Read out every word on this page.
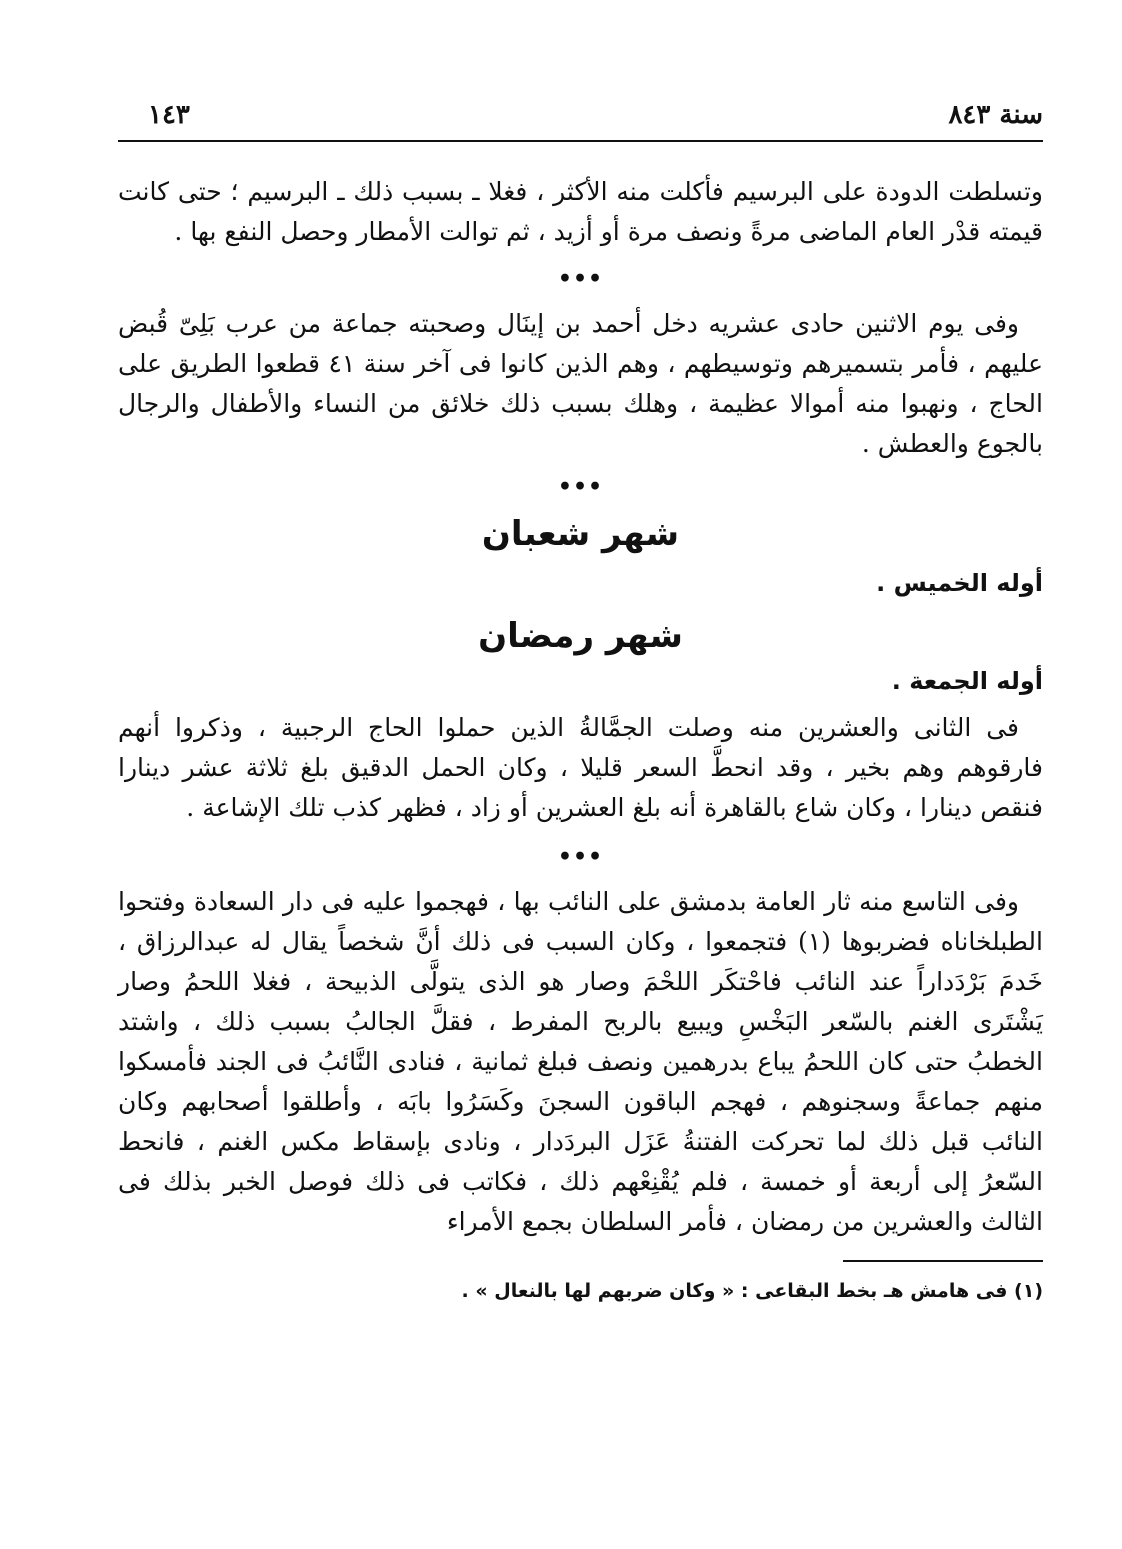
سنة ٨٤٣
١٤٣

وتسلطت الدودة على البرسيم فأكلت منه الأكثر ، فغلا ـ بسبب ذلك ـ البرسيم ؛ حتى كانت قيمته قدْر العام الماضى مرةً ونصف مرة أو أزيد ، ثم توالت الأمطار وحصل النفع بها .

•••

وفى يوم الاثنين حادى عشريه دخل أحمد بن إينَال وصحبته جماعة من عرب بَلِىّ قُبض عليهم ، فأمر بتسميرهم وتوسيطهم ، وهم الذين كانوا فى آخر سنة ٤١ قطعوا الطريق على الحاج ، ونهبوا منه أموالا عظيمة ، وهلك بسبب ذلك خلائق من النساء والأطفال والرجال بالجوع والعطش .

•••
شهر شعبان
أوله الخميس .
شهر رمضان
أوله الجمعة .

فى الثانى والعشرين منه وصلت الجمَّالةُ الذين حملوا الحاج الرجبية ، وذكروا أنهم فارقوهم وهم بخير ، وقد انحطَّ السعر قليلا ، وكان الحمل الدقيق بلغ ثلاثة عشر دينارا فنقص دينارا ، وكان شاع بالقاهرة أنه بلغ العشرين أو زاد ، فظهر كذب تلك الإشاعة .

•••

وفى التاسع منه ثار العامة بدمشق على النائب بها ، فهجموا عليه فى دار السعادة وفتحوا الطبلخاناه فضربوها (١) فتجمعوا ، وكان السبب فى ذلك أنَّ شخصاً يقال له عبدالرزاق ، خَدمَ بَرْدَداراً عند النائب فاحْتكَر اللحْمَ وصار هو الذى يتولَّى الذبيحة ، فغلا اللحمُ وصار يَشْتَرى الغنم بالسّعر البَخْسِ ويبيع بالربح المفرط ، فقلَّ الجالبُ بسبب ذلك ، واشتد الخطبُ حتى كان اللحمُ يباع بدرهمين ونصف فبلغ ثمانية ، فنادى النَّائبُ فى الجند فأمسكوا منهم جماعةً وسجنوهم ، فهجم الباقون السجنَ وكَسَرُوا بابَه ، وأطلقوا أصحابهم وكان النائب قبل ذلك لما تحركت الفتنةُ عَزَل البردَدار ، ونادى بإسقاط مكس الغنم ، فانحط السّعرُ إلى أربعة أو خمسة ، فلم يُقْنِعْهم ذلك ، فكاتب فى ذلك فوصل الخبر بذلك فى الثالث والعشرين من رمضان ، فأمر السلطان بجمع الأمراء

(١) فى هامش هـ بخط البقاعى : « وكان ضربهم لها بالنعال » .
